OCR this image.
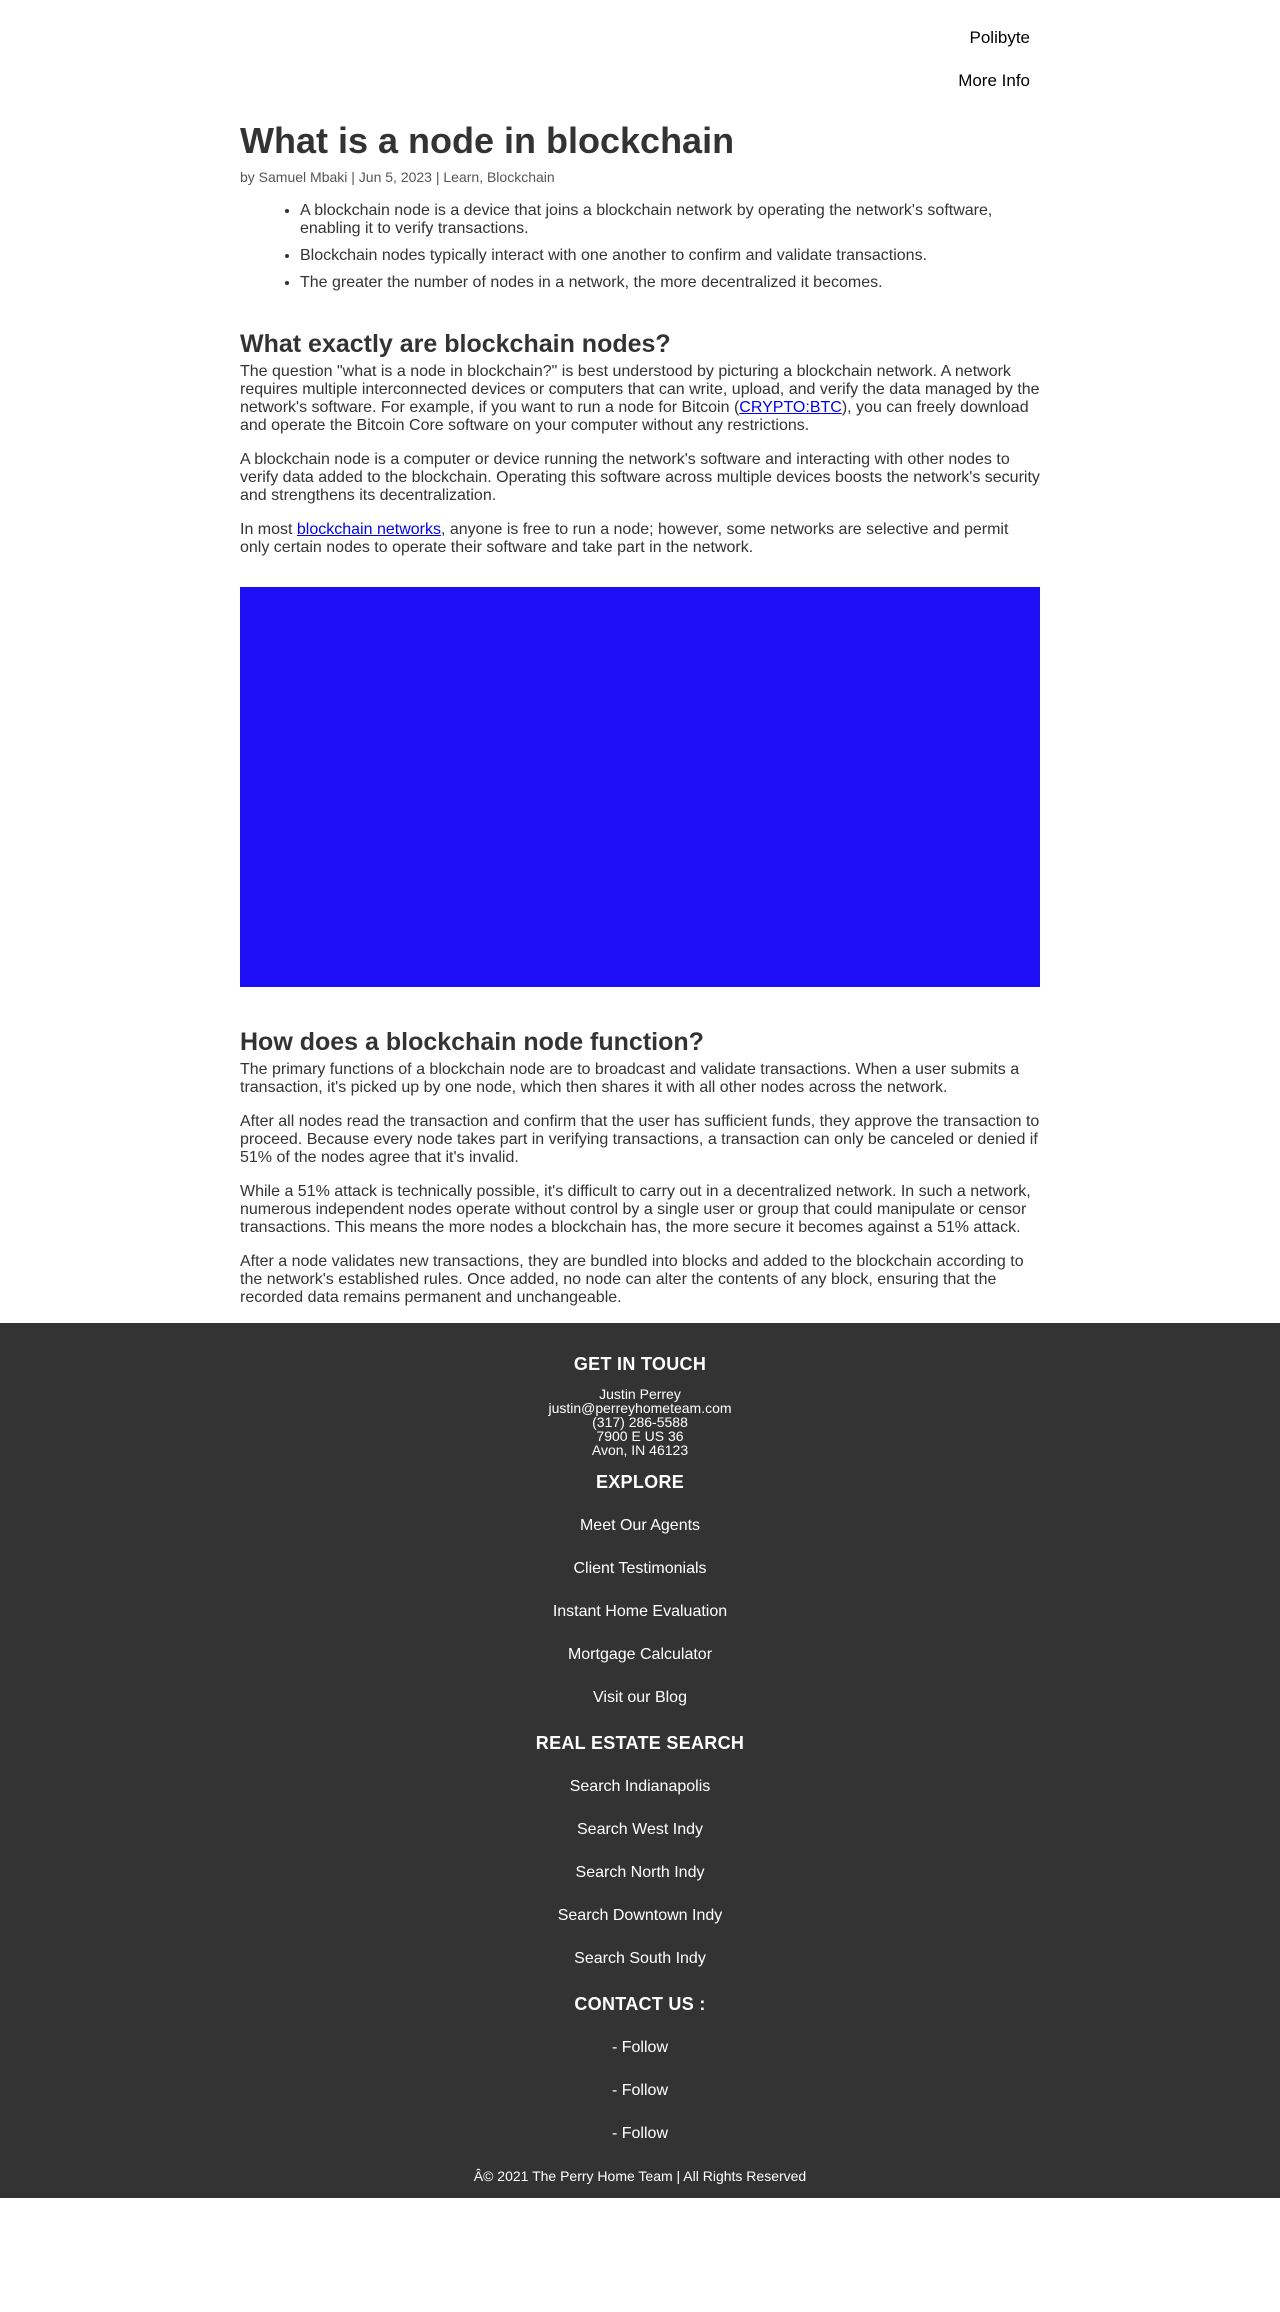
Polibyte
More Info
What is a node in blockchain
by Samuel Mbaki | Jun 5, 2023 | Learn, Blockchain
• A blockchain node is a device that joins a blockchain network by operating the network's software, enabling it to verify transactions.
• Blockchain nodes typically interact with one another to confirm and validate transactions.
• The greater the number of nodes in a network, the more decentralized it becomes.
What exactly are blockchain nodes?

The question "what is a node in blockchain?" is best understood by picturing a blockchain network. A network requires multiple interconnected devices or computers that can write, upload, and verify the data managed by the network's software. For example, if you want to run a node for Bitcoin (CRYPTO:BTC), you can freely download and operate the Bitcoin Core software on your computer without any restrictions.

A blockchain node is a computer or device running the network's software and interacting with other nodes to verify data added to the blockchain. Operating this software across multiple devices boosts the network's security and strengthens its decentralization.

In most blockchain networks, anyone is free to run a node; however, some networks are selective and permit only certain nodes to operate their software and take part in the network.

How does a blockchain node function?

The primary functions of a blockchain node are to broadcast and validate transactions. When a user submits a transaction, it's picked up by one node, which then shares it with all other nodes across the network.

After all nodes read the transaction and confirm that the user has sufficient funds, they approve the transaction to proceed. Because every node takes part in verifying transactions, a transaction can only be canceled or denied if 51% of the nodes agree that it's invalid.

While a 51% attack is technically possible, it's difficult to carry out in a decentralized network. In such a network, numerous independent nodes operate without control by a single user or group that could manipulate or censor transactions. This means the more nodes a blockchain has, the more secure it becomes against a 51% attack.

After a node validates new transactions, they are bundled into blocks and added to the blockchain according to the network's established rules. Once added, no node can alter the contents of any block, ensuring that the recorded data remains permanent and unchangeable.

GET IN TOUCH
Justin Perrey
justin@perreyhometeam.com
(317) 286-5588
7900 E US 36
Avon, IN 46123
EXPLORE
Meet Our Agents
Client Testimonials
Instant Home Evaluation
Mortgage Calculator
Visit our Blog
REAL ESTATE SEARCH
Search Indianapolis
Search West Indy
Search North Indy
Search Downtown Indy
Search South Indy
CONTACT US :
- Follow
- Follow
- Follow
Â© 2021 The Perry Home Team | All Rights Reserved
